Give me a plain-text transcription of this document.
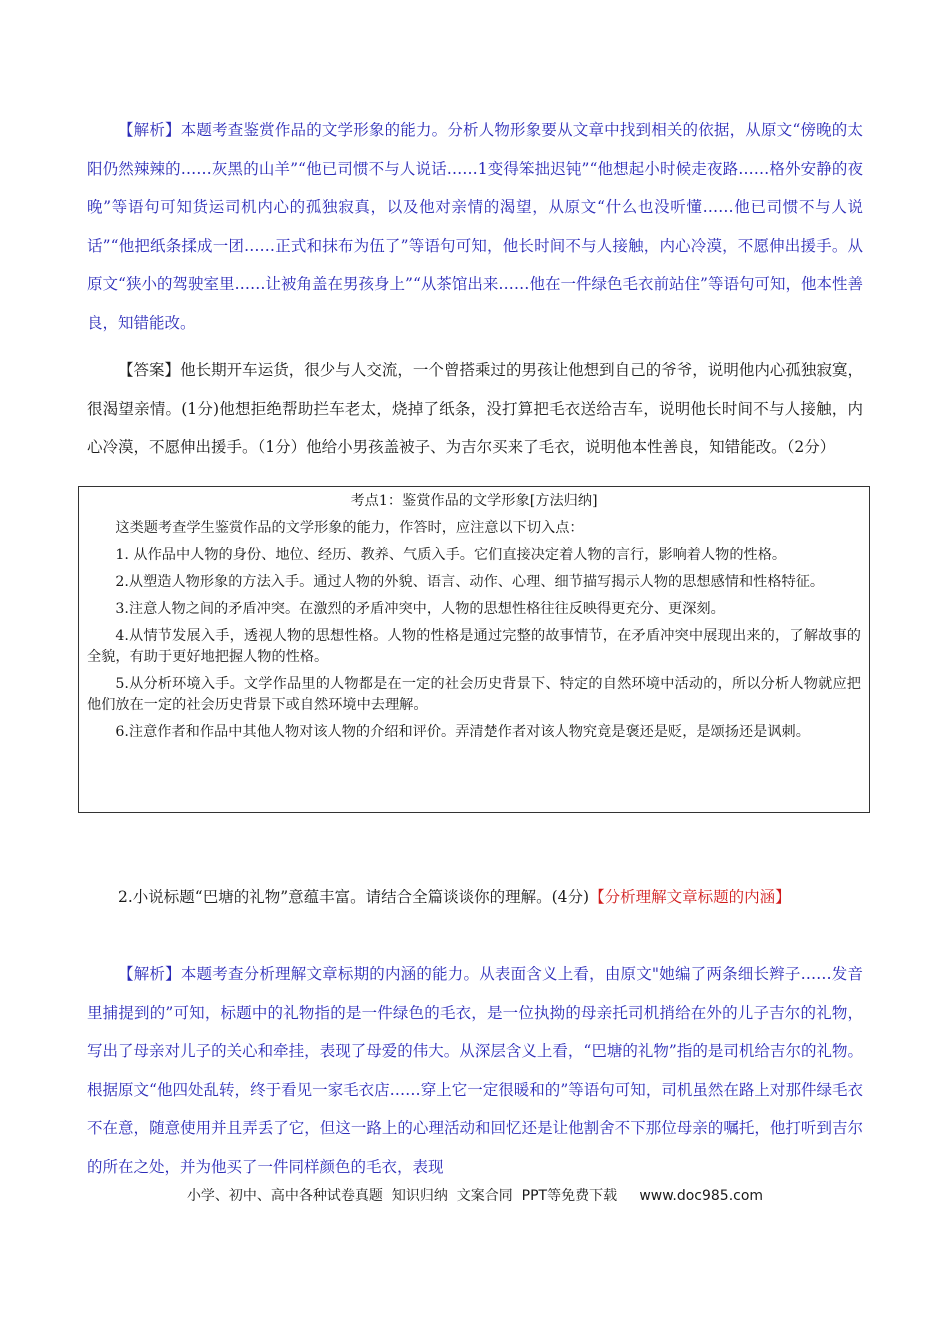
【解析】本题考查鉴赏作品的文学形象的能力。分析人物形象要从文章中找到相关的依据，从原文“傍晚的太阳仍然辣辣的……灰黑的山羊”“他已司惯不与人说话……1变得笨拙迟钝”“他想起小时候走夜路……格外安静的夜晚”等语句可知货运司机内心的孤独寂真，以及他对亲情的渴望，从原文“什么也没听懂……他已司惯不与人说话”“他把纸条揉成一团……正式和抹布为伍了”等语句可知，他长时间不与人接触，内心冷漠，不愿伸出援手。从原文“狭小的驾驶室里……让被角盖在男孩身上”“从茶馆出来……他在一件绿色毛衣前站住”等语句可知，他本性善良，知错能改。

【答案】他长期开车运货，很少与人交流，一个曾搭乘过的男孩让他想到自己的爷爷，说明他内心孤独寂寞，很渴望亲情。(1分)他想拒绝帮助拦车老太，烧掉了纸条，没打算把毛衣送给吉车，说明他长时间不与人接触，内心冷漠，不愿伸出援手。（1分）他给小男孩盖被子、为吉尔买来了毛衣，说明他本性善良，知错能改。（2分）

考点1：鉴赏作品的文学形象[方法归纳]

这类题考查学生鉴赏作品的文学形象的能力，作答时，应注意以下切入点：

1. 从作品中人物的身份、地位、经历、教养、气质入手。它们直接决定着人物的言行，影响着人物的性格。

2.从塑造人物形象的方法入手。通过人物的外貌、语言、动作、心理、细节描写揭示人物的思想感情和性格特征。

3.注意人物之间的矛盾冲突。在激烈的矛盾冲突中，人物的思想性格往往反映得更充分、更深刻。

4.从情节发展入手，透视人物的思想性格。人物的性格是通过完整的故事情节，在矛盾冲突中展现出来的，了解故事的全貌，有助于更好地把握人物的性格。

5.从分析环境入手。文学作品里的人物都是在一定的社会历史背景下、特定的自然环境中活动的，所以分析人物就应把他们放在一定的社会历史背景下或自然环境中去理解。

6.注意作者和作品中其他人物对该人物的介绍和评价。弄清楚作者对该人物究竟是褒还是贬，是颂扬还是讽刺。

2.小说标题“巴塘的礼物”意蕴丰富。请结合全篇谈谈你的理解。(4分)【分析理解文章标题的内涵】

【解析】本题考查分析理解文章标期的内涵的能力。从表面含义上看，由原文"她编了两条细长辫子……发音里捕提到的”可知，标题中的礼物指的是一件绿色的毛衣，是一位执拗的母亲托司机捎给在外的儿子吉尔的礼物，写出了母亲对儿子的关心和牵挂，表现了母爱的伟大。从深层含义上看，“巴塘的礼物”指的是司机给吉尔的礼物。根据原文“他四处乱转，终于看见一家毛衣店……穿上它一定很暖和的”等语句可知，司机虽然在路上对那件绿毛衣不在意，随意使用并且弄丢了它，但这一路上的心理活动和回忆还是让他割舍不下那位母亲的嘱托，他打听到吉尔的所在之处，并为他买了一件同样颜色的毛衣，表现

小学、初中、高中各种试卷真题  知识归纳  文案合同  PPT等免费下载     www.doc985.com
